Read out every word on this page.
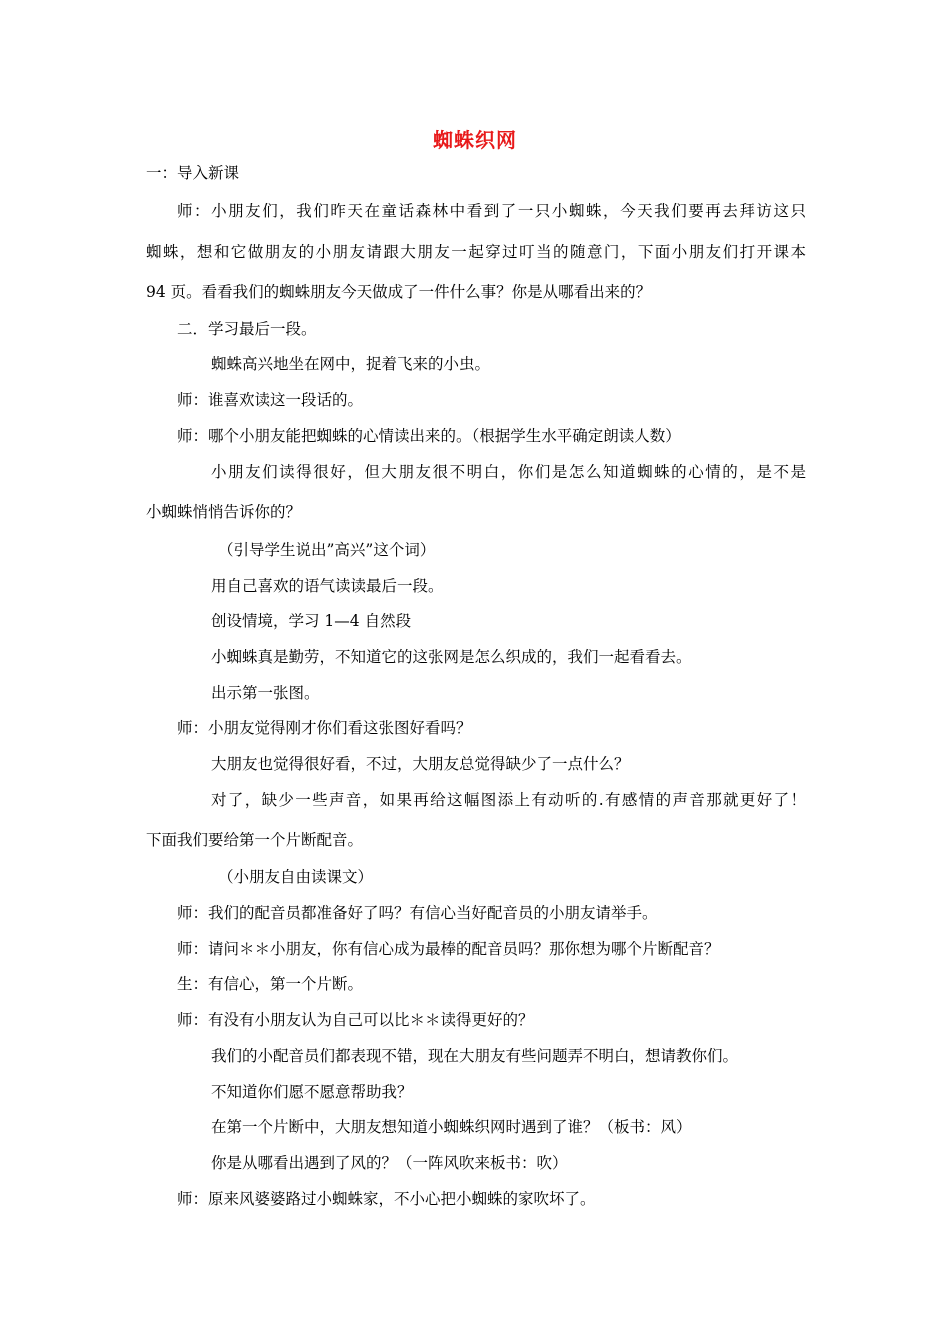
蜘蛛织网
一：导入新课
师：小朋友们，我们昨天在童话森林中看到了一只小蜘蛛，今天我们要再去拜访这只
蜘蛛，想和它做朋友的小朋友请跟大朋友一起穿过叮当的随意门，下面小朋友们打开课本
94 页。看看我们的蜘蛛朋友今天做成了一件什么事？你是从哪看出来的？
二．学习最后一段。
蜘蛛高兴地坐在网中，捉着飞来的小虫。
师：谁喜欢读这一段话的。
师：哪个小朋友能把蜘蛛的心情读出来的。（根据学生水平确定朗读人数）
小朋友们读得很好，但大朋友很不明白，你们是怎么知道蜘蛛的心情的，是不是
小蜘蛛悄悄告诉你的？
（引导学生说出”高兴”这个词）
用自己喜欢的语气读读最后一段。
创设情境，学习 1—4 自然段
小蜘蛛真是勤劳，不知道它的这张网是怎么织成的，我们一起看看去。
出示第一张图。
师：小朋友觉得刚才你们看这张图好看吗？
大朋友也觉得很好看，不过，大朋友总觉得缺少了一点什么？
对了，缺少一些声音，如果再给这幅图添上有动听的.有感情的声音那就更好了！
下面我们要给第一个片断配音。
（小朋友自由读课文）
师：我们的配音员都准备好了吗？有信心当好配音员的小朋友请举手。
师：请问＊＊小朋友，你有信心成为最棒的配音员吗？那你想为哪个片断配音？
生：有信心，第一个片断。
师：有没有小朋友认为自己可以比＊＊读得更好的？
我们的小配音员们都表现不错，现在大朋友有些问题弄不明白，想请教你们。
不知道你们愿不愿意帮助我？
在第一个片断中，大朋友想知道小蜘蛛织网时遇到了谁？（板书：风）
你是从哪看出遇到了风的？（一阵风吹来板书：吹）
师：原来风婆婆路过小蜘蛛家，不小心把小蜘蛛的家吹坏了。
